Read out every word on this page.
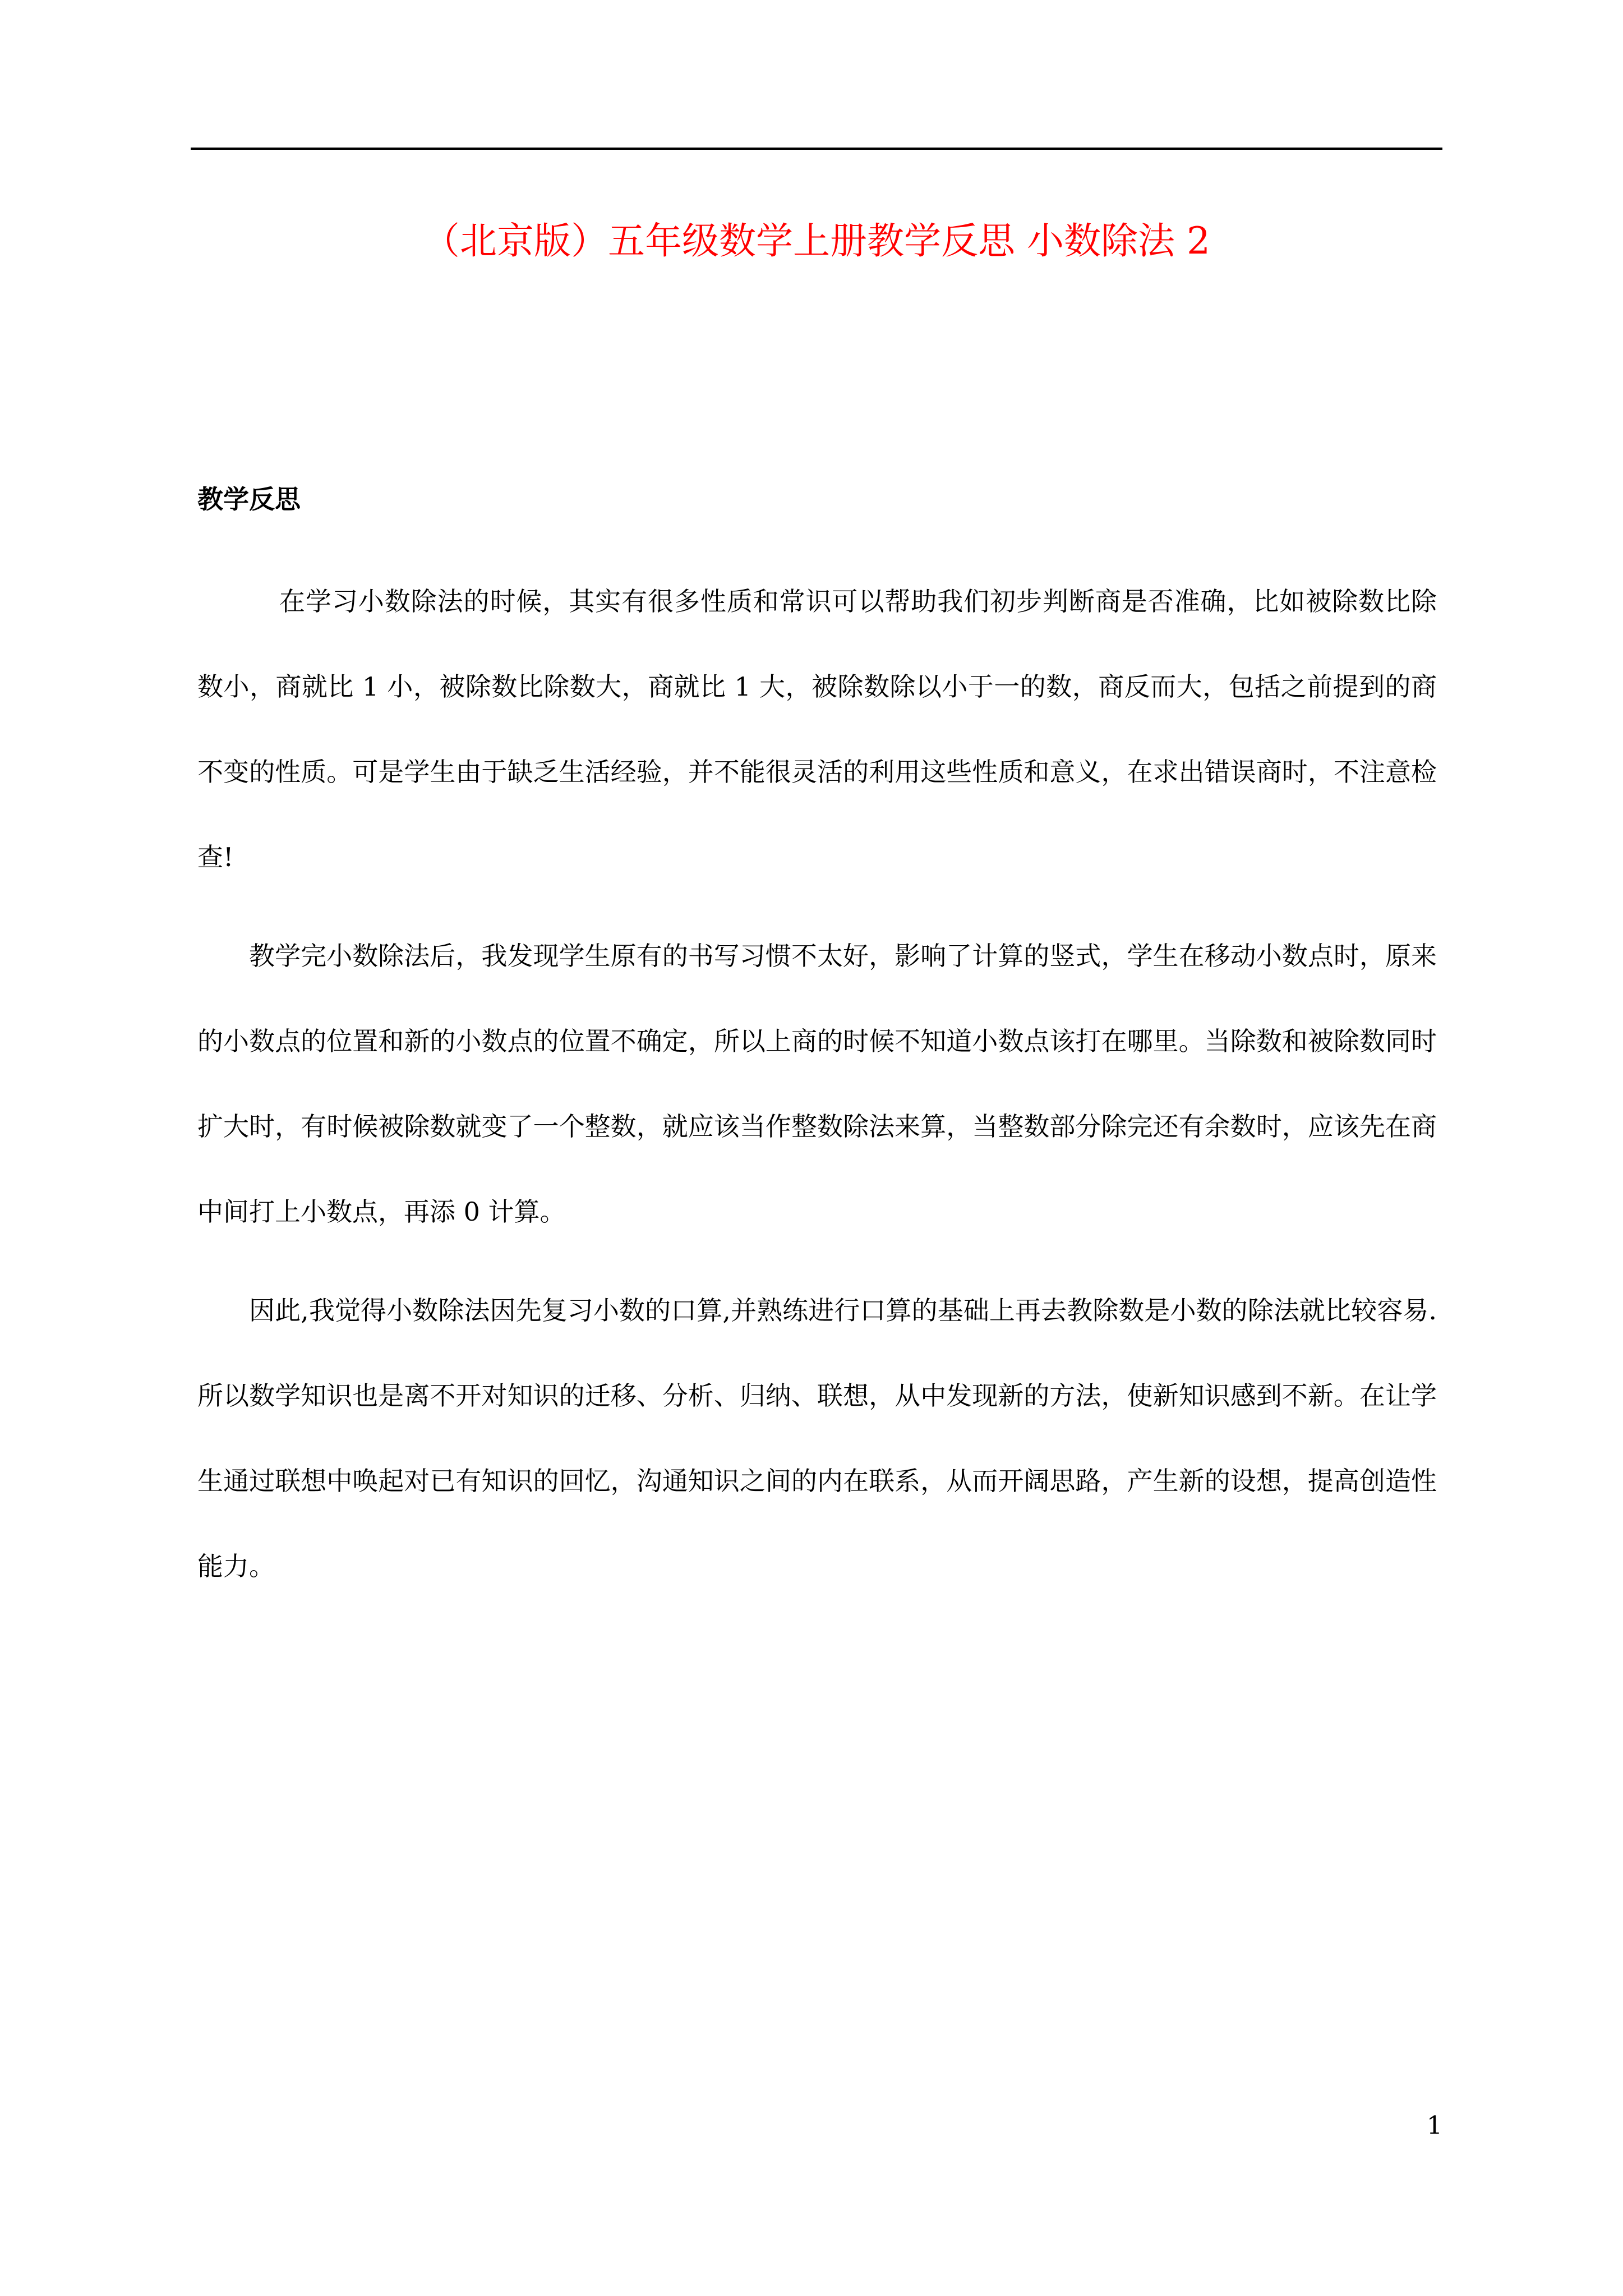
（北京版）五年级数学上册教学反思 小数除法 2
教学反思

在学习小数除法的时候，其实有很多性质和常识可以帮助我们初步判断商是否准确，比如被除数比除数小，商就比 1 小，被除数比除数大，商就比 1 大，被除数除以小于一的数，商反而大，包括之前提到的商不变的性质。可是学生由于缺乏生活经验，并不能很灵活的利用这些性质和意义，在求出错误商时，不注意检查!

教学完小数除法后，我发现学生原有的书写习惯不太好，影响了计算的竖式，学生在移动小数点时，原来的小数点的位置和新的小数点的位置不确定，所以上商的时候不知道小数点该打在哪里。当除数和被除数同时扩大时，有时候被除数就变了一个整数，就应该当作整数除法来算，当整数部分除完还有余数时，应该先在商中间打上小数点，再添 0 计算。

因此,我觉得小数除法因先复习小数的口算,并熟练进行口算的基础上再去教除数是小数的除法就比较容易.所以数学知识也是离不开对知识的迁移、分析、归纳、联想，从中发现新的方法，使新知识感到不新。在让学生通过联想中唤起对已有知识的回忆，沟通知识之间的内在联系，从而开阔思路，产生新的设想，提高创造性能力。

1
